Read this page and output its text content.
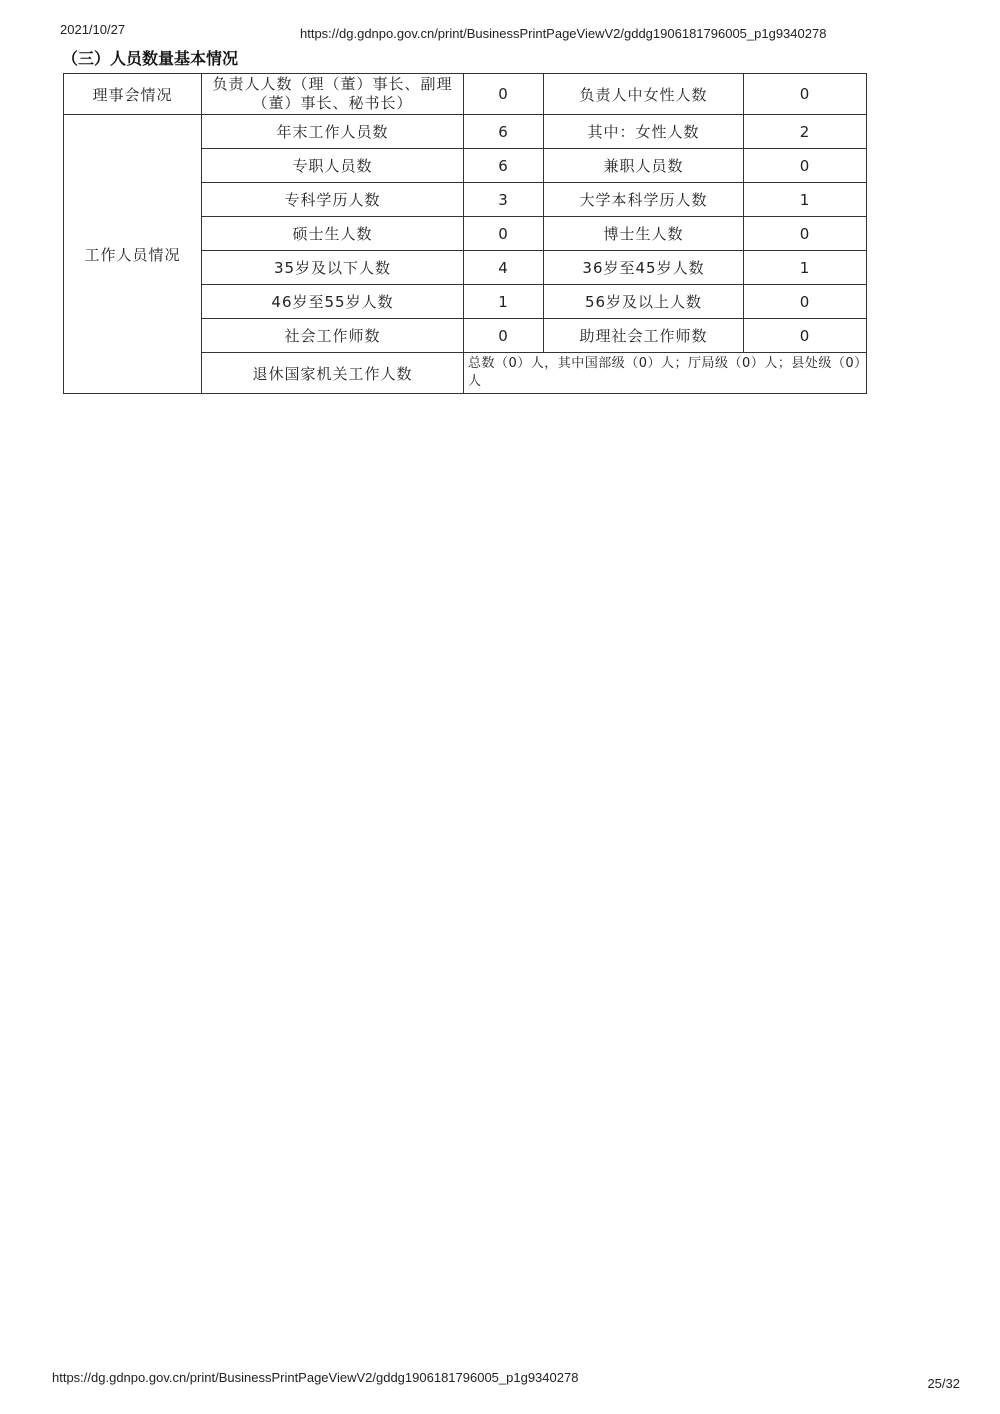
2021/10/27	https://dg.gdnpo.gov.cn/print/BusinessPrintPageViewV2/gddg1906181796005_p1g9340278
（三）人员数量基本情况
理事会情况	负责人人数（理（董）事长、副理（董）事长、秘书长）	0	负责人中女性人数	0
工作人员情况	年末工作人员数	6	其中：女性人数	2
	专职人员数	6	兼职人员数	0
	专科学历人数	3	大学本科学历人数	1
	硕士生人数	0	博士生人数	0
	35岁及以下人数	4	36岁至45岁人数	1
	46岁至55岁人数	1	56岁及以上人数	0
	社会工作师数	0	助理社会工作师数	0
	退休国家机关工作人数	总数（0）人，其中国部级（0）人；厅局级（0）人；县处级（0）人		
https://dg.gdnpo.gov.cn/print/BusinessPrintPageViewV2/gddg1906181796005_p1g9340278	25/32
